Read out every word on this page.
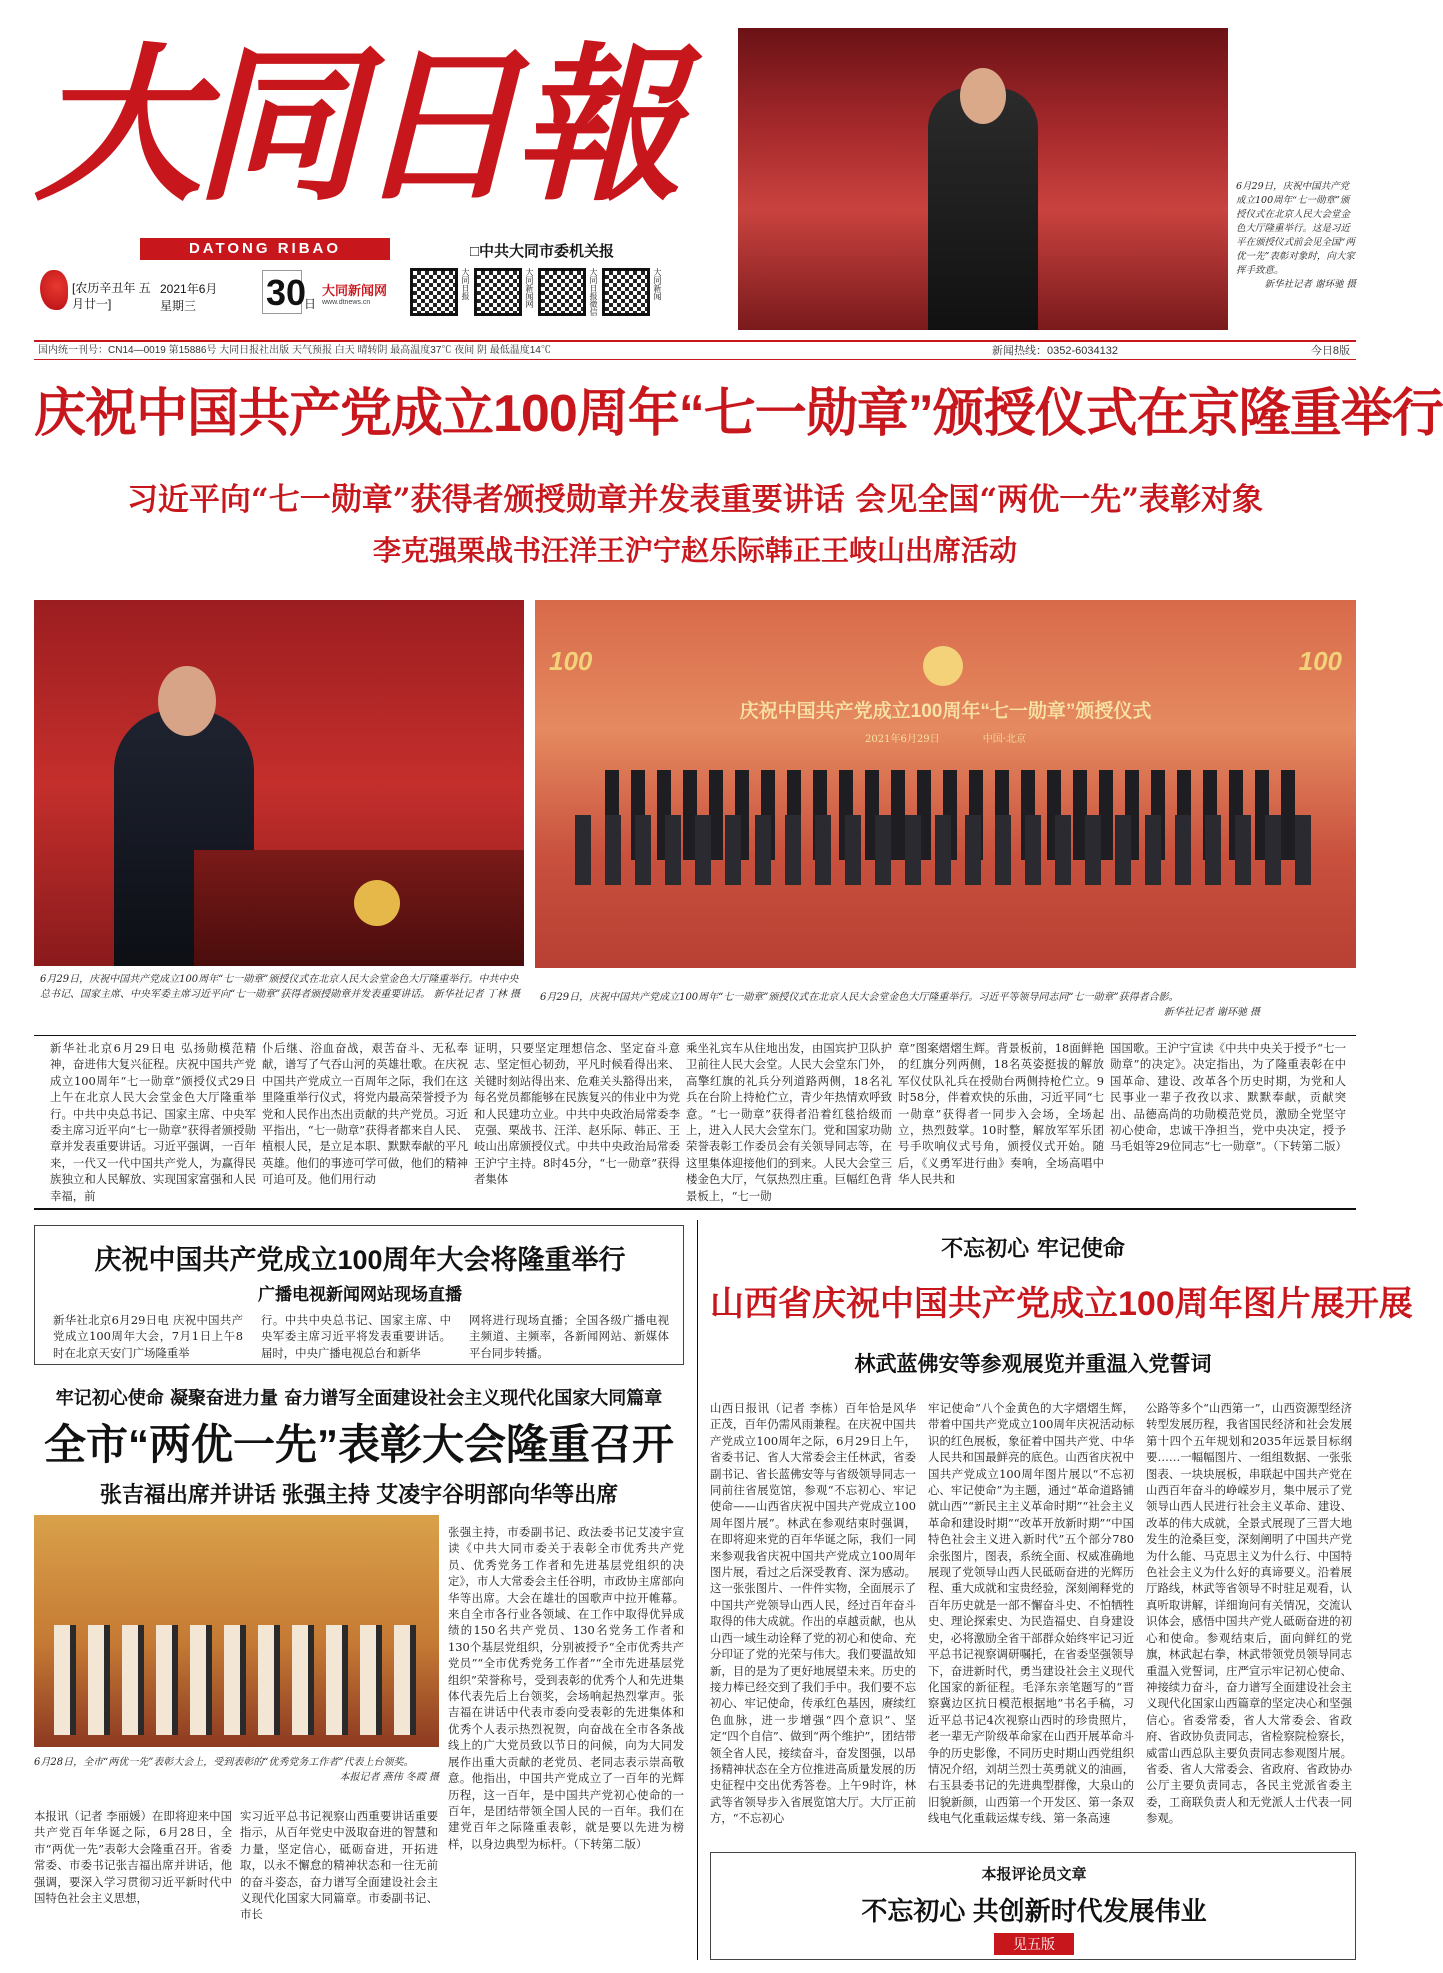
大同日報
DATONG RIBAO	□中共大同市委机关报
[农历辛丑年 五月廿一]
2021年6月
星期三	30
日
大同新闻网
www.dtnews.cn
大同日报	大同新闻网	大同日报微信	大同新闻
6月29日，庆祝中国共产党成立100周年“七一勋章”颁授仪式在北京人民大会堂金色大厅隆重举行。这是习近平在颁授仪式前会见全国“两优一先”表彰对象时，向大家挥手致意。
新华社记者 谢环驰 摄
国内统一刊号：CN14—0019 第15886号 大同日报社出版 天气预报 白天 晴转阴 最高温度37℃ 夜间 阴 最低温度14℃	新闻热线：0352-6034132	今日8版
庆祝中国共产党成立100周年“七一勋章”颁授仪式在京隆重举行
习近平向“七一勋章”获得者颁授勋章并发表重要讲话 会见全国“两优一先”表彰对象
李克强栗战书汪洋王沪宁赵乐际韩正王岐山出席活动
6月29日，庆祝中国共产党成立100周年“七一勋章”颁授仪式在北京人民大会堂金色大厅隆重举行。中共中央总书记、国家主席、中央军委主席习近平向“七一勋章”获得者颁授勋章并发表重要讲话。 新华社记者 丁林 摄
100	100
庆祝中国共产党成立100周年“七一勋章”颁授仪式
2021年6月29日	中国·北京
6月29日，庆祝中国共产党成立100周年“七一勋章”颁授仪式在北京人民大会堂金色大厅隆重举行。习近平等领导同志同“七一勋章”获得者合影。
新华社记者 谢环驰 摄
新华社北京6月29日电 弘扬勋模范精神，奋进伟大复兴征程。庆祝中国共产党成立100周年“七一勋章”颁授仪式29日上午在北京人民大会堂金色大厅隆重举行。中共中央总书记、国家主席、中央军委主席习近平向“七一勋章”获得者颁授勋章并发表重要讲话。习近平强调，一百年来，一代又一代中国共产党人，为赢得民族独立和人民解放、实现国家富强和人民幸福，前
仆后继、浴血奋战，艰苦奋斗、无私奉献，谱写了气吞山河的英雄壮歌。在庆祝中国共产党成立一百周年之际，我们在这里隆重举行仪式，将党内最高荣誉授予为党和人民作出杰出贡献的共产党员。习近平指出，“七一勋章”获得者都来自人民、植根人民，是立足本职、默默奉献的平凡英雄。他们的事迹可学可做，他们的精神可追可及。他们用行动
证明，只要坚定理想信念、坚定奋斗意志、坚定恒心韧劲，平凡时候看得出来、关键时刻站得出来、危难关头豁得出来，每名党员都能够在民族复兴的伟业中为党和人民建功立业。中共中央政治局常委李克强、栗战书、汪洋、赵乐际、韩正、王岐山出席颁授仪式。中共中央政治局常委王沪宁主持。8时45分，“七一勋章”获得者集体
乘坐礼宾车从住地出发，由国宾护卫队护卫前往人民大会堂。人民大会堂东门外，高擎红旗的礼兵分列道路两侧，18名礼兵在台阶上持枪伫立，青少年热情欢呼致意。“七一勋章”获得者沿着红毯拾级而上，进入人民大会堂东门。党和国家功勋荣誉表彰工作委员会有关领导同志等，在这里集体迎接他们的到来。人民大会堂三楼金色大厅，气氛热烈庄重。巨幅红色背景板上，“七一勋
章”图案熠熠生辉。背景板前，18面鲜艳的红旗分列两侧，18名英姿挺拔的解放军仪仗队礼兵在授勋台两侧持枪伫立。9时58分，伴着欢快的乐曲，习近平同“七一勋章”获得者一同步入会场，全场起立，热烈鼓掌。10时整，解放军军乐团号手吹响仪式号角，颁授仪式开始。随后，《义勇军进行曲》奏响，全场高唱中华人民共和
国国歌。王沪宁宣读《中共中央关于授予“七一勋章”的决定》。决定指出，为了隆重表彰在中国革命、建设、改革各个历史时期，为党和人民事业一辈子孜孜以求、默默奉献，贡献突出、品德高尚的功勋模范党员，激励全党坚守初心使命，忠诚干净担当，党中央决定，授予马毛姐等29位同志“七一勋章”。（下转第二版）
庆祝中国共产党成立100周年大会将隆重举行
广播电视新闻网站现场直播
新华社北京6月29日电 庆祝中国共产党成立100周年大会，7月1日上午8时在北京天安门广场隆重举
行。中共中央总书记、国家主席、中央军委主席习近平将发表重要讲话。届时，中央广播电视总台和新华
网将进行现场直播；全国各级广播电视主频道、主频率，各新闻网站、新媒体平台同步转播。
牢记初心使命 凝聚奋进力量 奋力谱写全面建设社会主义现代化国家大同篇章
全市“两优一先”表彰大会隆重召开
张吉福出席并讲话 张强主持 艾凌宇谷明部向华等出席
6月28日，全市“两优一先”表彰大会上，受到表彰的“优秀党务工作者”代表上台领奖。
本报记者 燕伟 冬霞 摄
本报讯（记者 李丽媛）在即将迎来中国共产党百年华诞之际，6月28日，全市“两优一先”表彰大会隆重召开。省委常委、市委书记张吉福出席并讲话，他强调，要深入学习贯彻习近平新时代中国特色社会主义思想，
实习近平总书记视察山西重要讲话重要指示，从百年党史中汲取奋进的智慧和力量，坚定信心，砥砺奋进，开拓进取，以永不懈怠的精神状态和一往无前的奋斗姿态，奋力谱写全面建设社会主义现代化国家大同篇章。市委副书记、市长
张强主持，市委副书记、政法委书记艾凌宇宣读《中共大同市委关于表彰全市优秀共产党员、优秀党务工作者和先进基层党组织的决定》，市人大常委会主任谷明，市政协主席部向华等出席。大会在雄壮的国歌声中拉开帷幕。来自全市各行业各领域、在工作中取得优异成绩的150名共产党员、130名党务工作者和130个基层党组织，分别被授予“全市优秀共产党员”“全市优秀党务工作者”“全市先进基层党组织”荣誉称号，受到表彰的优秀个人和先进集体代表先后上台领奖，会场响起热烈掌声。张吉福在讲话中代表市委向受表彰的先进集体和优秀个人表示热烈祝贺，向奋战在全市各条战线上的广大党员致以节日的问候，向为大同发展作出重大贡献的老党员、老同志表示崇高敬意。他指出，中国共产党成立了一百年的光辉历程，这一百年，是中国共产党初心使命的一百年，是团结带领全国人民的一百年。我们在建党百年之际隆重表彰，就是要以先进为榜样，以身边典型为标杆。（下转第二版）
不忘初心 牢记使命
山西省庆祝中国共产党成立100周年图片展开展
林武蓝佛安等参观展览并重温入党誓词
山西日报讯（记者 李栋）百年恰是风华正茂，百年仍需风雨兼程。在庆祝中国共产党成立100周年之际，6月29日上午，省委书记、省人大常委会主任林武，省委副书记、省长蓝佛安等与省级领导同志一同前往省展览馆，参观“不忘初心、牢记使命——山西省庆祝中国共产党成立100周年图片展”。林武在参观结束时强调，在即将迎来党的百年华诞之际，我们一同来参观我省庆祝中国共产党成立100周年图片展，看过之后深受教育、深为感动。这一张张图片、一件件实物，全面展示了中国共产党领导山西人民，经过百年奋斗取得的伟大成就。作出的卓越贡献，也从山西一域生动诠释了党的初心和使命、充分印证了党的光荣与伟大。我们要温故知新，目的是为了更好地展望未来。历史的接力棒已经交到了我们手中。我们要不忘初心、牢记使命，传承红色基因，赓续红色血脉，进一步增强“四个意识”、坚定“四个自信”、做到“两个维护”，团结带领全省人民，接续奋斗，奋发图强，以昂扬精神状态在全方位推进高质量发展的历史征程中交出优秀答卷。上午9时许，林武等省领导步入省展览馆大厅。大厅正前方，“不忘初心
牢记使命”八个金黄色的大字熠熠生辉，带着中国共产党成立100周年庆祝活动标识的红色展板，象征着中国共产党、中华人民共和国最鲜亮的底色。山西省庆祝中国共产党成立100周年图片展以“不忘初心、牢记使命”为主题，通过“革命道路铺就山西”“新民主主义革命时期”“社会主义革命和建设时期”“改革开放新时期”“中国特色社会主义进入新时代”五个部分780余张图片，图表，系统全面、权威准确地展现了党领导山西人民砥砺奋进的光辉历程、重大成就和宝贵经验，深刻阐释党的百年历史就是一部不懈奋斗史、不怕牺牲史、理论探索史、为民造福史、自身建设史，必将激励全省干部群众始终牢记习近平总书记视察调研嘱托，在省委坚强领导下，奋进新时代，勇当建设社会主义现代化国家的新征程。毛泽东亲笔题写的“晋察冀边区抗日模范根据地”书名手稿，习近平总书记4次视察山西时的珍贵照片，老一辈无产阶级革命家在山西开展革命斗争的历史影像，不同历史时期山西党组织情况介绍，刘胡兰烈士英勇就义的油画，右玉县委书记的先进典型群像，大泉山的旧貌新颜，山西第一个开发区、第一条双线电气化重载运煤专线、第一条高速
公路等多个“山西第一”，山西资源型经济转型发展历程，我省国民经济和社会发展第十四个五年规划和2035年远景目标纲要……一幅幅图片、一组组数据、一张张图表、一块块展板，串联起中国共产党在山西百年奋斗的峥嵘岁月，集中展示了党领导山西人民进行社会主义革命、建设、改革的伟大成就，全景式展现了三晋大地发生的沧桑巨变，深刻阐明了中国共产党为什么能、马克思主义为什么行、中国特色社会主义为什么好的真谛要义。沿着展厅路线，林武等省领导不时驻足观看，认真听取讲解，详细询问有关情况，交流认识体会，感悟中国共产党人砥砺奋进的初心和使命。参观结束后，面向鲜红的党旗，林武起右拳，林武带领党员领导同志重温入党誓词，庄严宣示牢记初心使命、神接续力奋斗，奋力谱写全面建设社会主义现代化国家山西篇章的坚定决心和坚强信心。省委常委，省人大常委会、省政府、省政协负责同志，省检察院检察长，威雷山西总队主要负责同志参观图片展。省委、省人大常委会、省政府、省政协办公厅主要负责同志，各民主党派省委主委，工商联负责人和无党派人士代表一同参观。
本报评论员文章
不忘初心 共创新时代发展伟业
见五版
